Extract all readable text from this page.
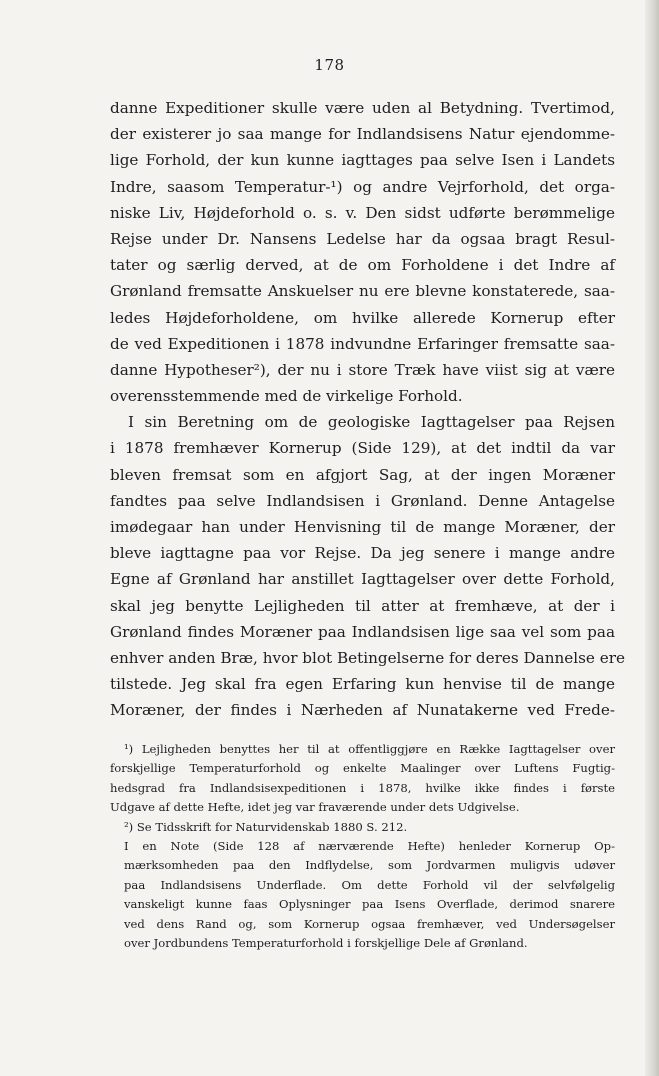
178
danne Expeditioner skulle være uden al Betydning. Tvertimod,
der existerer jo saa mange for Indlandsisens Natur ejendomme-
lige Forhold, der kun kunne iagttages paa selve Isen i Landets
Indre, saasom Temperatur-¹) og andre Vejrforhold, det orga-
niske Liv, Højdeforhold o. s. v. Den sidst udførte berømmelige
Rejse under Dr. Nansens Ledelse har da ogsaa bragt Resul-
tater og særlig derved, at de om Forholdene i det Indre af
Grønland fremsatte Anskuelser nu ere blevne konstaterede, saa-
ledes Højdeforholdene, om hvilke allerede Kornerup efter
de ved Expeditionen i 1878 indvundne Erfaringer fremsatte saa-
danne Hypotheser²), der nu i store Træk have viist sig at være
overensstemmende med de virkelige Forhold.
I sin Beretning om de geologiske Iagttagelser paa Rejsen
i 1878 fremhæver Kornerup (Side 129), at det indtil da var
bleven fremsat som en afgjort Sag, at der ingen Moræner
fandtes paa selve Indlandsisen i Grønland. Denne Antagelse
imødegaar han under Henvisning til de mange Moræner, der
bleve iagttagne paa vor Rejse. Da jeg senere i mange andre
Egne af Grønland har anstillet Iagttagelser over dette Forhold,
skal jeg benytte Lejligheden til atter at fremhæve, at der i
Grønland findes Moræner paa Indlandsisen lige saa vel som paa
enhver anden Bræ, hvor blot Betingelserne for deres Dannelse ere
tilstede. Jeg skal fra egen Erfaring kun henvise til de mange
Moræner, der findes i Nærheden af Nunatakerne ved Frede-
¹) Lejligheden benyttes her til at offentliggjøre en Række Iagttagelser over
forskjellige Temperaturforhold og enkelte Maalinger over Luftens Fugtig-
hedsgrad fra Indlandsisexpeditionen i 1878, hvilke ikke findes i første
Udgave af dette Hefte, idet jeg var fraværende under dets Udgivelse.
²) Se Tidsskrift for Naturvidenskab 1880 S. 212.
I en Note (Side 128 af nærværende Hefte) henleder Kornerup Op-
mærksomheden paa den Indflydelse, som Jordvarmen muligvis udøver
paa Indlandsisens Underflade. Om dette Forhold vil der selvfølgelig
vanskeligt kunne faas Oplysninger paa Isens Overflade, derimod snarere
ved dens Rand og, som Kornerup ogsaa fremhæver, ved Undersøgelser
over Jordbundens Temperaturforhold i forskjellige Dele af Grønland.
